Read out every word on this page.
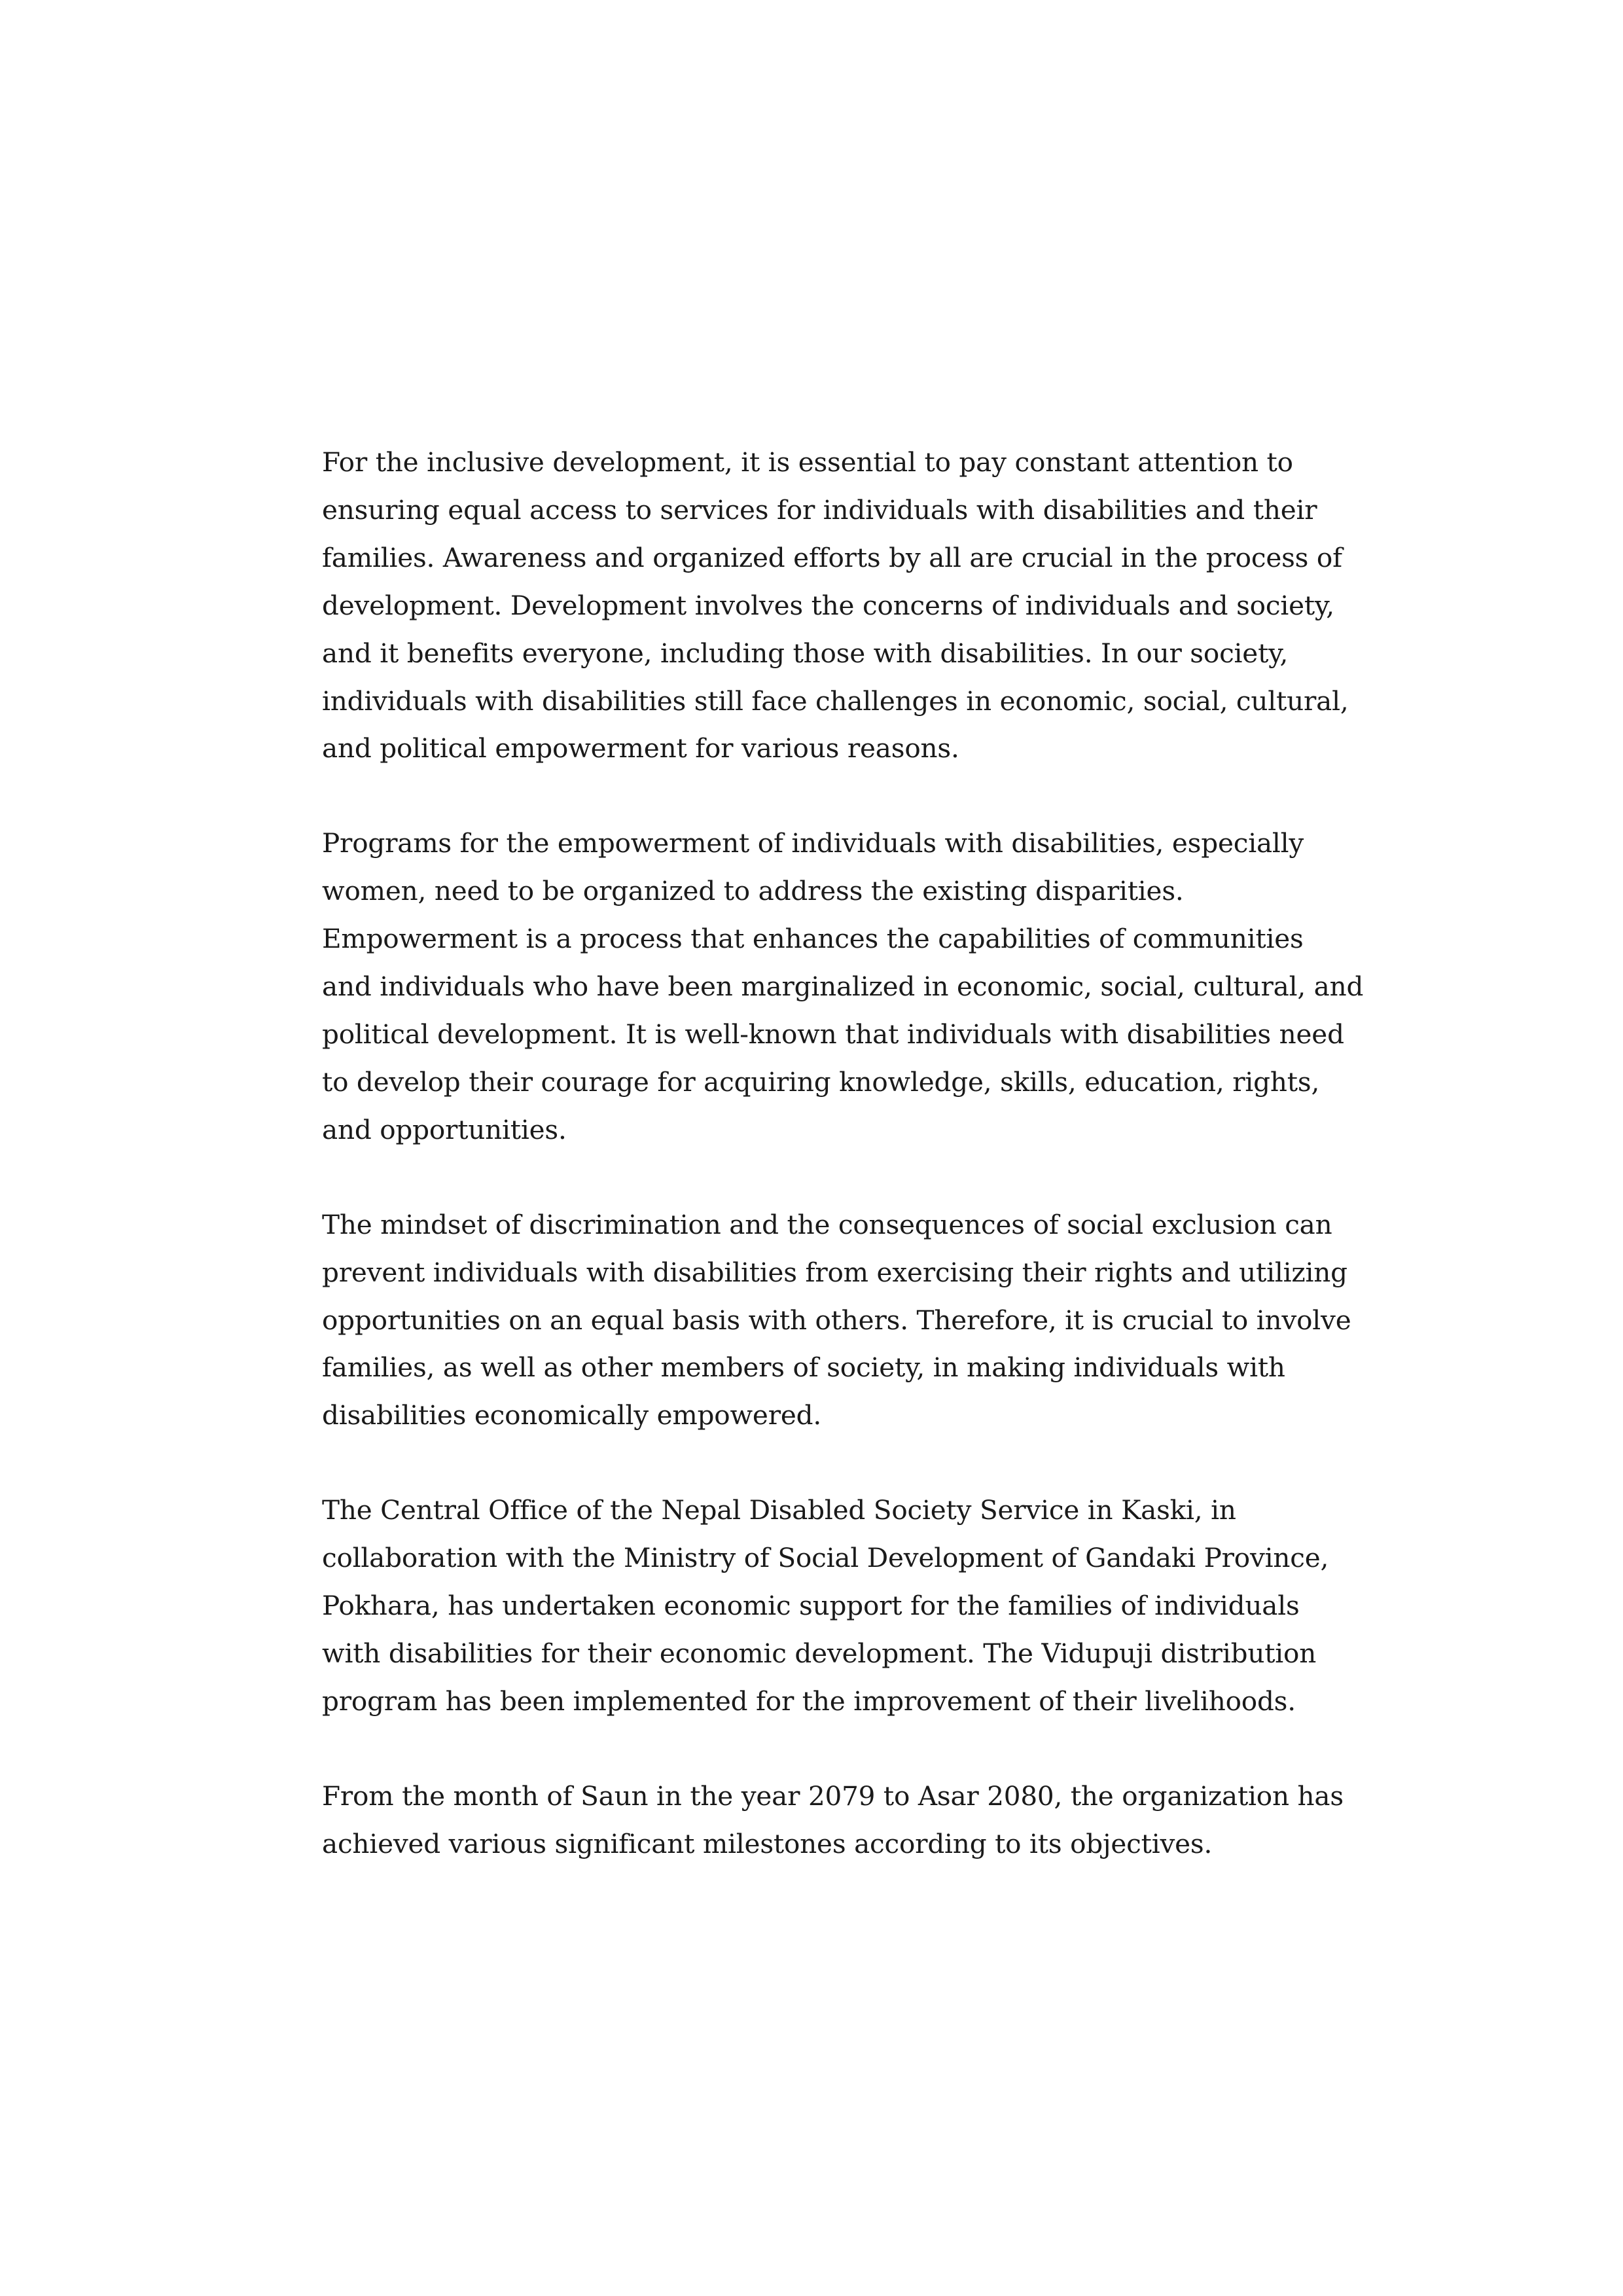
For the inclusive development, it is essential to pay constant attention to
ensuring equal access to services for individuals with disabilities and their
families. Awareness and organized efforts by all are crucial in the process of
development. Development involves the concerns of individuals and society,
and it benefits everyone, including those with disabilities. In our society,
individuals with disabilities still face challenges in economic, social, cultural,
and political empowerment for various reasons.

Programs for the empowerment of individuals with disabilities, especially
women, need to be organized to address the existing disparities.
Empowerment is a process that enhances the capabilities of communities
and individuals who have been marginalized in economic, social, cultural, and
political development. It is well-known that individuals with disabilities need
to develop their courage for acquiring knowledge, skills, education, rights,
and opportunities.

The mindset of discrimination and the consequences of social exclusion can
prevent individuals with disabilities from exercising their rights and utilizing
opportunities on an equal basis with others. Therefore, it is crucial to involve
families, as well as other members of society, in making individuals with
disabilities economically empowered.

The Central Office of the Nepal Disabled Society Service in Kaski, in
collaboration with the Ministry of Social Development of Gandaki Province,
Pokhara, has undertaken economic support for the families of individuals
with disabilities for their economic development. The Vidupuji distribution
program has been implemented for the improvement of their livelihoods.

From the month of Saun in the year 2079 to Asar 2080, the organization has
achieved various significant milestones according to its objectives.
